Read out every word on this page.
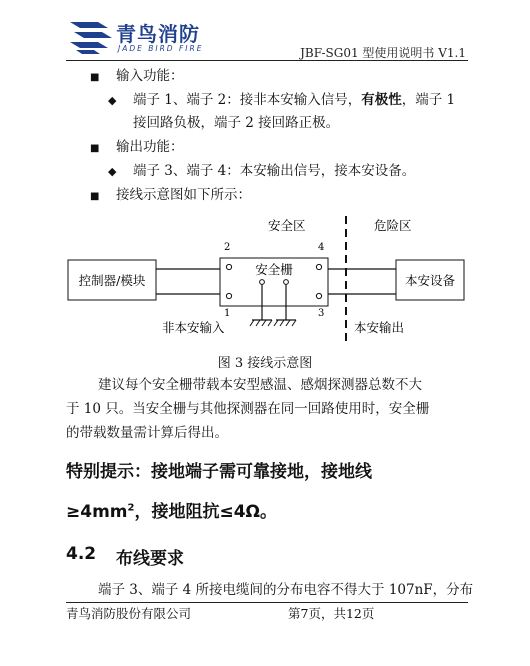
青鸟消防
JADE BIRD FIRE	JBF-SG01 型使用说明书 V1.1
■ 输入功能：
◆ 端子 1、端子 2：接非本安输入信号，有极性，端子 1
接回路负极，端子 2 接回路正极。
■ 输出功能：
◆ 端子 3、端子 4：本安输出信号，接本安设备。
■ 接线示意图如下所示：
安全区	危险区
控制器/模块
安全栅
2	4
1	3
本安设备
非本安输入	本安输出
图 3 接线示意图
建议每个安全栅带载本安型感温、感烟探测器总数不大
于 10 只。当安全栅与其他探测器在同一回路使用时，安全栅
的带载数量需计算后得出。
特别提示：接地端子需可靠接地，接地线
$\ge 4mm^2$，接地阻抗≤4Ω。
4.2 布线要求
端子 3、端子 4 所接电缆间的分布电容不得大于 107nF，分布
青鸟消防股份有限公司	第7页，共12页
